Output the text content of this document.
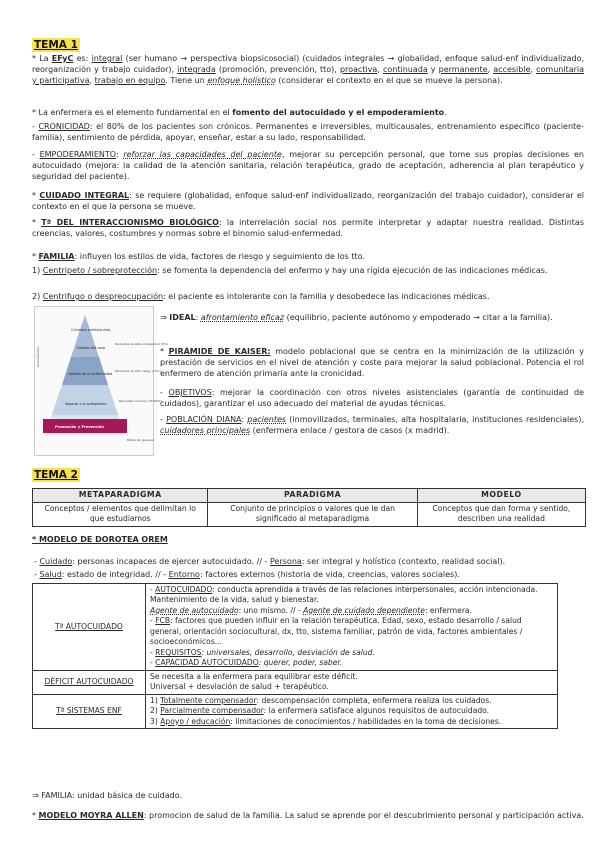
TEMA 1
* La EFyC es: integral (ser humano → perspectiva biopsicosocial) (cuidados integrales → globalidad, enfoque salud-enf individualizado, reorganización y trabajo cuidador), integrada (promoción, prevención, tto), proactiva, continuada y permanente, accesible, comunitaria y participativa, trabajo en equipo. Tiene un enfoque holístico (considerar el contexto en el que se mueve la persona).
* La enfermera es el elemento fundamental en el fomento del autocuidado y el empoderamiento.
- CRONICIDAD: el 80% de los pacientes son crónicos. Permanentes e irreversibles, multicausales, entrenamiento específico (paciente-familia), sentimiento de pérdida, apoyar, enseñar, estar a su lado, responsabilidad.
- EMPODERAMIENTO: reforzar las capacidades del paciente, mejorar su percepción personal, que tome sus propias decisiones en autocuidado (mejora: la calidad de la atención sanitaria, relación terapéutica, grado de aceptación, adherencia al plan terapéutico y seguridad del paciente).
* CUIDADO INTEGRAL: se requiere (globalidad, enfoque salud-enf individualizado, reorganización del trabajo cuidador), considerar el contexto en el que la persona se mueve.
* Tª DEL INTERACCIONISMO BIOLÓGICO: la interrelación social nos permite interpretar y adaptar nuestra realidad. Distintas creencias, valores, costumbres y normas sobre el binomio salud-enfermedad.
* FAMILIA: influyen los estilos de vida, factores de riesgo y seguimiento de los tto.
1) Centripeto / sobreprotección: se fomenta la dependencia del enfermo y hay una rígida ejecución de las indicaciones médicas.
2) Centrifugo o despreocupación: el paciente es intolerante con la familia y desobedece las indicaciones médicas.
Cuidados profesionales
Gestión del caso
Gestión de la enfermedad
Soporte a la autogestión
Promoción y Prevención
Pacientes de alta complejidad (5%)
Pacientes de alto riesgo (15%)
Pacientes crónicos (70-80%)
Población general
Autocuidados
⇒ IDEAL: afrontamiento eficaz (equilibrio, paciente autónomo y empoderado → citar a la familia).
* PIRÁMIDE DE KAISER: modelo poblacional que se centra en la minimización de la utilización y prestación de servicios en el nivel de atención y coste para mejorar la salud poblacional. Potencia el rol enfermero de atención primaria ante la cronicidad.
- OBJETIVOS: mejorar la coordinación con otros niveles asistenciales (garantía de continuidad de cuidados), garantizar el uso adecuado del material de ayudas técnicas.
- POBLACIÓN DIANA: pacientes (inmovilizados, terminales, alta hospitalaria, instituciones residenciales), cuidadores principales (enfermera enlace / gestora de casos (x madrid).
TEMA 2
METAPARADIGMA	PARADIGMA	MODELO
Conceptos / elementos que delimitan lo que estudiamos	Conjunto de principios o valores que le dan significado al metaparadigma	Conceptos que dan forma y sentido, describen una realidad
* MODELO DE DOROTEA OREM
- Cuidado: personas incapaces de ejercer autocuidado. // - Persona: ser integral y holístico (contexto, realidad social).
- Salud: estado de integridad. // - Entorno: factores externos (historia de vida, creencias, valores sociales).
Tª AUTOCUIDADO	- AUTOCUIDADO: conducta aprendida a través de las relaciones interpersonales, acción intencionada. Mantenimiento de la vida, salud y bienestar.
Agente de autocuidado: uno mismo. // - Agente de cuidado dependiente: enfermera.
- FCB: factores que pueden influir en la relación terapéutica. Edad, sexo, estado desarrollo / salud general, orientación sociocultural, dx, tto, sistema familiar, patrón de vida, factores ambientales / socioeconómicos...
- REQUISITOS: universales, desarrollo, desviación de salud.
- CAPACIDAD AUTOCUIDADO: querer, poder, saber.
DÉFICIT AUTOCUIDADO	Se necesita a la enfermera para equilibrar este déficit.
Universal + desviación de salud + terapéutico.
Tª SISTEMAS ENF	1) Totalmente compensador: descompensación completa, enfermera realiza los cuidados.
2) Parcialmente compensador: la enfermera satisface algunos requisitos de autocuidado.
3) Apoyo / educación: limitaciones de conocimientos / habilidades en la toma de decisiones.
⇒ FAMILIA: unidad básica de cuidado.
* MODELO MOYRA ALLEN: promocion de salud de la familia. La salud se aprende por el descubrimiento personal y participación activa.
